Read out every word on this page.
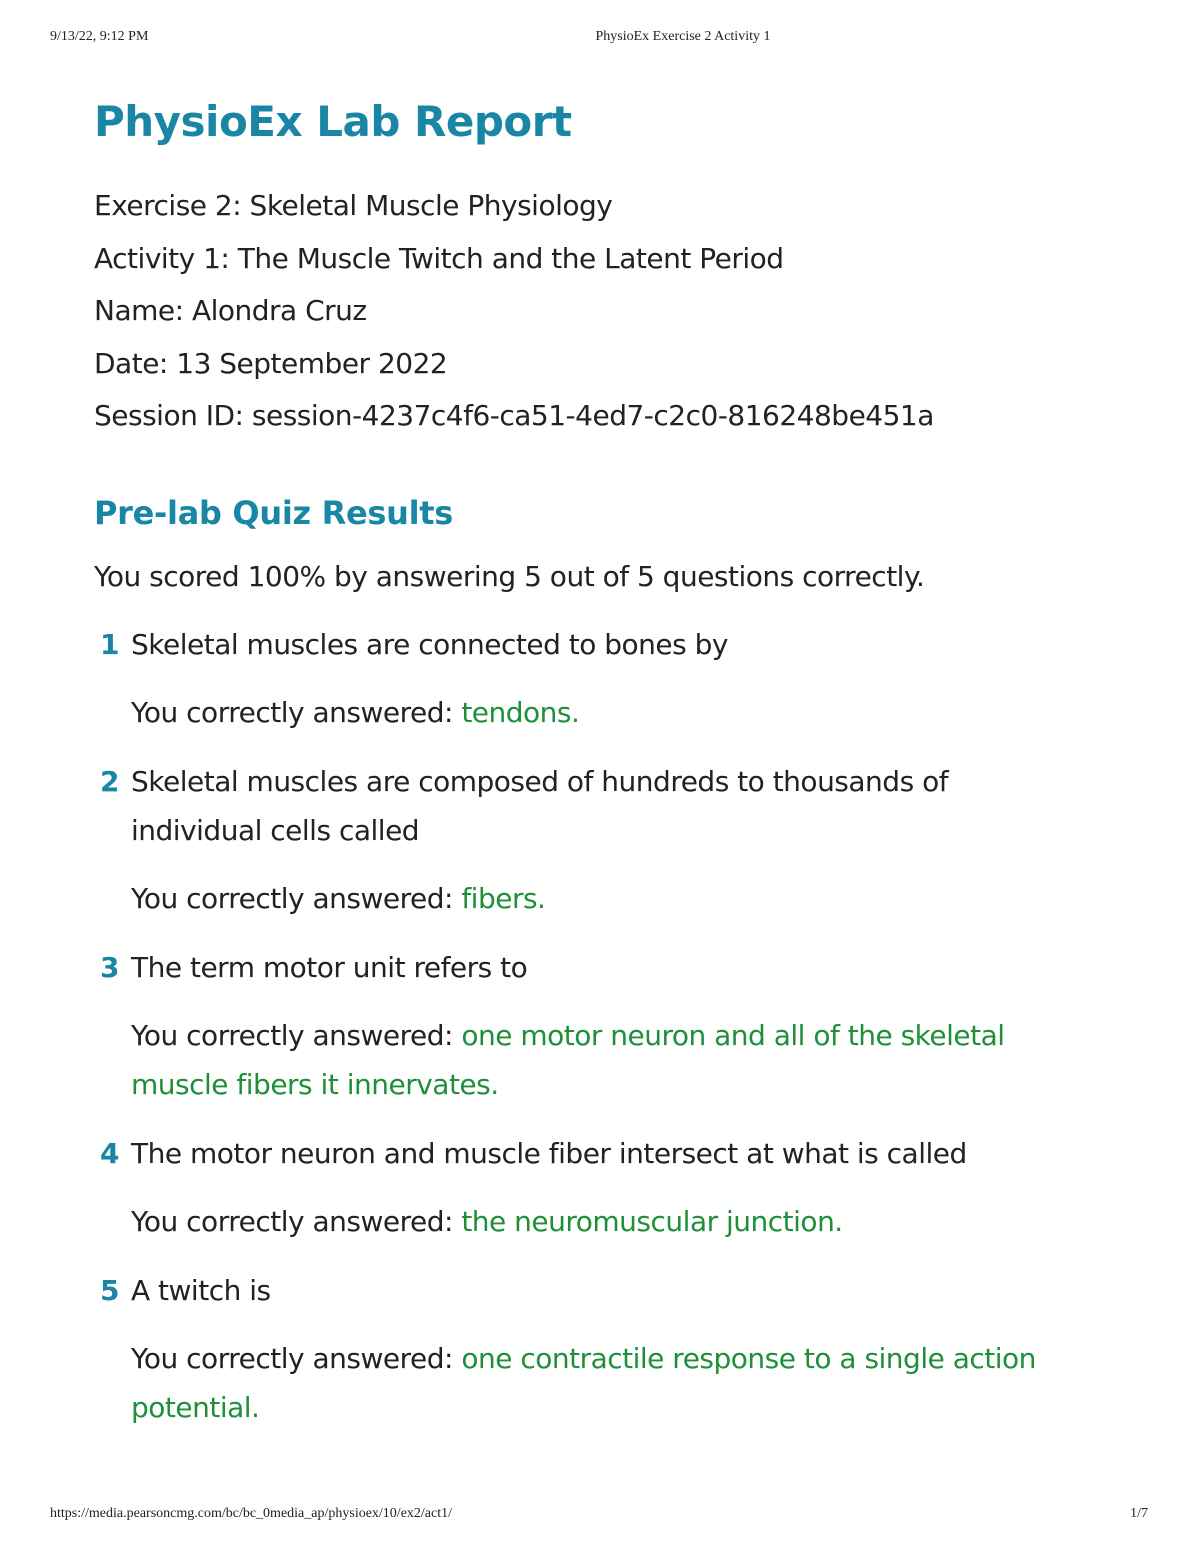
9/13/22, 9:12 PM	PhysioEx Exercise 2 Activity 1
PhysioEx Lab Report
Exercise 2: Skeletal Muscle Physiology
Activity 1: The Muscle Twitch and the Latent Period
Name: Alondra Cruz
Date: 13 September 2022
Session ID: session-4237c4f6-ca51-4ed7-c2c0-816248be451a
Pre-lab Quiz Results
You scored 100% by answering 5 out of 5 questions correctly.
1 Skeletal muscles are connected to bones by
You correctly answered: tendons.
2 Skeletal muscles are composed of hundreds to thousands of individual cells called
You correctly answered: fibers.
3 The term motor unit refers to
You correctly answered: one motor neuron and all of the skeletal muscle fibers it innervates.
4 The motor neuron and muscle fiber intersect at what is called
You correctly answered: the neuromuscular junction.
5 A twitch is
You correctly answered: one contractile response to a single action potential.
https://media.pearsoncmg.com/bc/bc_0media_ap/physioex/10/ex2/act1/	1/7
